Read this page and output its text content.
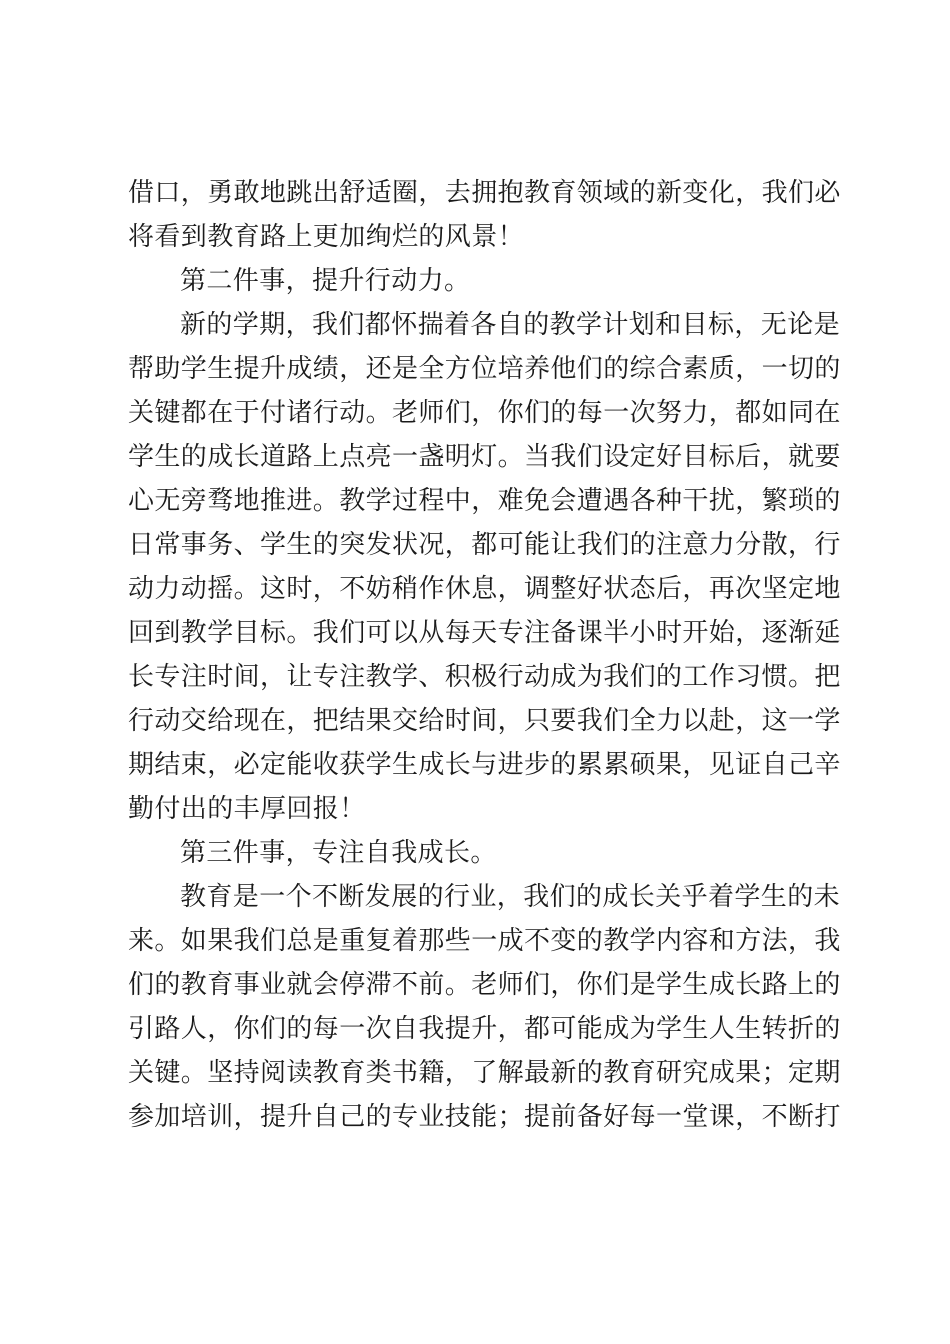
借口，勇敢地跳出舒适圈，去拥抱教育领域的新变化，我们必
将看到教育路上更加绚烂的风景！
第二件事，提升行动力。
新的学期，我们都怀揣着各自的教学计划和目标，无论是
帮助学生提升成绩，还是全方位培养他们的综合素质，一切的
关键都在于付诸行动。老师们，你们的每一次努力，都如同在
学生的成长道路上点亮一盏明灯。当我们设定好目标后，就要
心无旁骛地推进。教学过程中，难免会遭遇各种干扰，繁琐的
日常事务、学生的突发状况，都可能让我们的注意力分散，行
动力动摇。这时，不妨稍作休息，调整好状态后，再次坚定地
回到教学目标。我们可以从每天专注备课半小时开始，逐渐延
长专注时间，让专注教学、积极行动成为我们的工作习惯。把
行动交给现在，把结果交给时间，只要我们全力以赴，这一学
期结束，必定能收获学生成长与进步的累累硕果，见证自己辛
勤付出的丰厚回报！
第三件事，专注自我成长。
教育是一个不断发展的行业，我们的成长关乎着学生的未
来。如果我们总是重复着那些一成不变的教学内容和方法，我
们的教育事业就会停滞不前。老师们，你们是学生成长路上的
引路人，你们的每一次自我提升，都可能成为学生人生转折的
关键。坚持阅读教育类书籍，了解最新的教育研究成果；定期
参加培训，提升自己的专业技能；提前备好每一堂课，不断打
